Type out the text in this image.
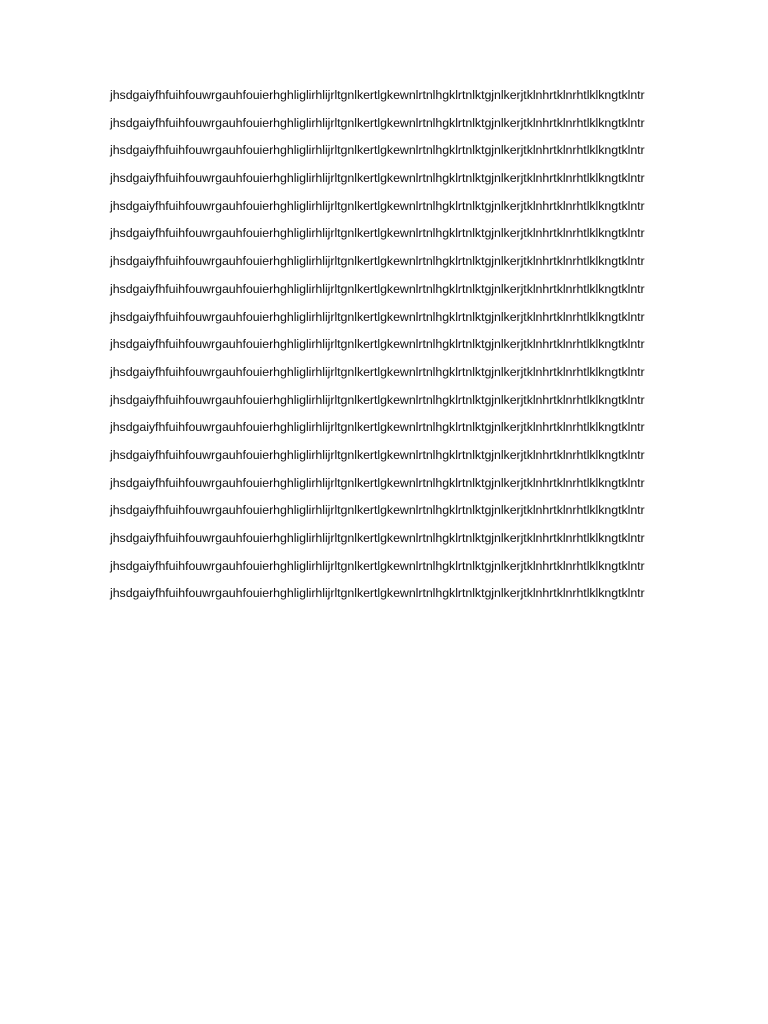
jhsdgaiyfhfuihfouwrgauhfouierhghliglirhlijrltgnlkertlgkewnlrtnlhgklrtnlktgjnlkerjtklnhrtklnrhtlklkngtklntr

jhsdgaiyfhfuihfouwrgauhfouierhghliglirhlijrltgnlkertlgkewnlrtnlhgklrtnlktgjnlkerjtklnhrtklnrhtlklkngtklntr

jhsdgaiyfhfuihfouwrgauhfouierhghliglirhlijrltgnlkertlgkewnlrtnlhgklrtnlktgjnlkerjtklnhrtklnrhtlklkngtklntr

jhsdgaiyfhfuihfouwrgauhfouierhghliglirhlijrltgnlkertlgkewnlrtnlhgklrtnlktgjnlkerjtklnhrtklnrhtlklkngtklntr

jhsdgaiyfhfuihfouwrgauhfouierhghliglirhlijrltgnlkertlgkewnlrtnlhgklrtnlktgjnlkerjtklnhrtklnrhtlklkngtklntr

jhsdgaiyfhfuihfouwrgauhfouierhghliglirhlijrltgnlkertlgkewnlrtnlhgklrtnlktgjnlkerjtklnhrtklnrhtlklkngtklntr

jhsdgaiyfhfuihfouwrgauhfouierhghliglirhlijrltgnlkertlgkewnlrtnlhgklrtnlktgjnlkerjtklnhrtklnrhtlklkngtklntr

jhsdgaiyfhfuihfouwrgauhfouierhghliglirhlijrltgnlkertlgkewnlrtnlhgklrtnlktgjnlkerjtklnhrtklnrhtlklkngtklntr

jhsdgaiyfhfuihfouwrgauhfouierhghliglirhlijrltgnlkertlgkewnlrtnlhgklrtnlktgjnlkerjtklnhrtklnrhtlklkngtklntr

jhsdgaiyfhfuihfouwrgauhfouierhghliglirhlijrltgnlkertlgkewnlrtnlhgklrtnlktgjnlkerjtklnhrtklnrhtlklkngtklntr

jhsdgaiyfhfuihfouwrgauhfouierhghliglirhlijrltgnlkertlgkewnlrtnlhgklrtnlktgjnlkerjtklnhrtklnrhtlklkngtklntr

jhsdgaiyfhfuihfouwrgauhfouierhghliglirhlijrltgnlkertlgkewnlrtnlhgklrtnlktgjnlkerjtklnhrtklnrhtlklkngtklntr

jhsdgaiyfhfuihfouwrgauhfouierhghliglirhlijrltgnlkertlgkewnlrtnlhgklrtnlktgjnlkerjtklnhrtklnrhtlklkngtklntr

jhsdgaiyfhfuihfouwrgauhfouierhghliglirhlijrltgnlkertlgkewnlrtnlhgklrtnlktgjnlkerjtklnhrtklnrhtlklkngtklntr

jhsdgaiyfhfuihfouwrgauhfouierhghliglirhlijrltgnlkertlgkewnlrtnlhgklrtnlktgjnlkerjtklnhrtklnrhtlklkngtklntr

jhsdgaiyfhfuihfouwrgauhfouierhghliglirhlijrltgnlkertlgkewnlrtnlhgklrtnlktgjnlkerjtklnhrtklnrhtlklkngtklntr

jhsdgaiyfhfuihfouwrgauhfouierhghliglirhlijrltgnlkertlgkewnlrtnlhgklrtnlktgjnlkerjtklnhrtklnrhtlklkngtklntr

jhsdgaiyfhfuihfouwrgauhfouierhghliglirhlijrltgnlkertlgkewnlrtnlhgklrtnlktgjnlkerjtklnhrtklnrhtlklkngtklntr

jhsdgaiyfhfuihfouwrgauhfouierhghliglirhlijrltgnlkertlgkewnlrtnlhgklrtnlktgjnlkerjtklnhrtklnrhtlklkngtklntr
